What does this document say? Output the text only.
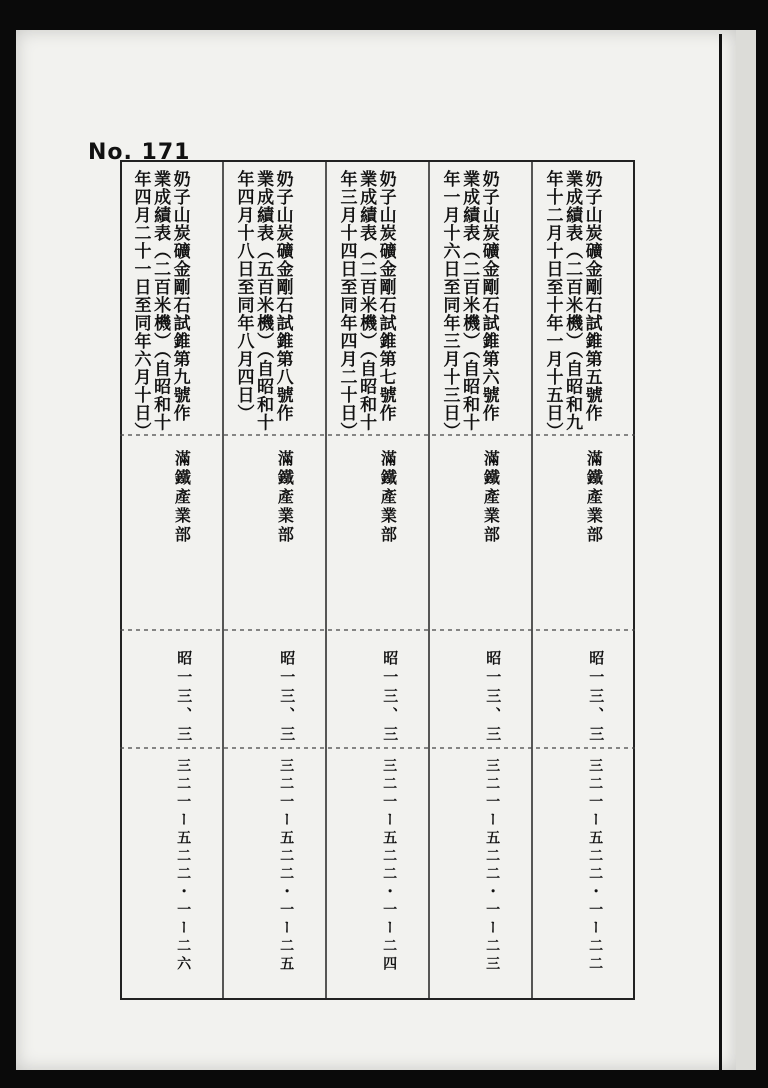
No. 171
奶子山炭礦金剛石試錐第五號作業成績表（二百米機）（自昭和九年十二月十日至十年一月十五日）
滿鐵產業部
昭一三、三
三二一ー五二二・一ー二二
奶子山炭礦金剛石試錐第六號作業成績表（二百米機）（自昭和十年一月十六日至同年三月十三日）
滿鐵產業部
昭一三、三
三二一ー五二二・一ー二三
奶子山炭礦金剛石試錐第七號作業成績表（二百米機）（自昭和十年三月十四日至同年四月二十日）
滿鐵產業部
昭一三、三
三二一ー五二二・一ー二四
奶子山炭礦金剛石試錐第八號作業成績表（五百米機）（自昭和十年四月十八日至同年八月四日）
滿鐵產業部
昭一三、三
三二一ー五二二・一ー二五
奶子山炭礦金剛石試錐第九號作業成績表（二百米機）（自昭和十年四月二十一日至同年六月十日）
滿鐵產業部
昭一三、三
三二一ー五二二・一ー二六
